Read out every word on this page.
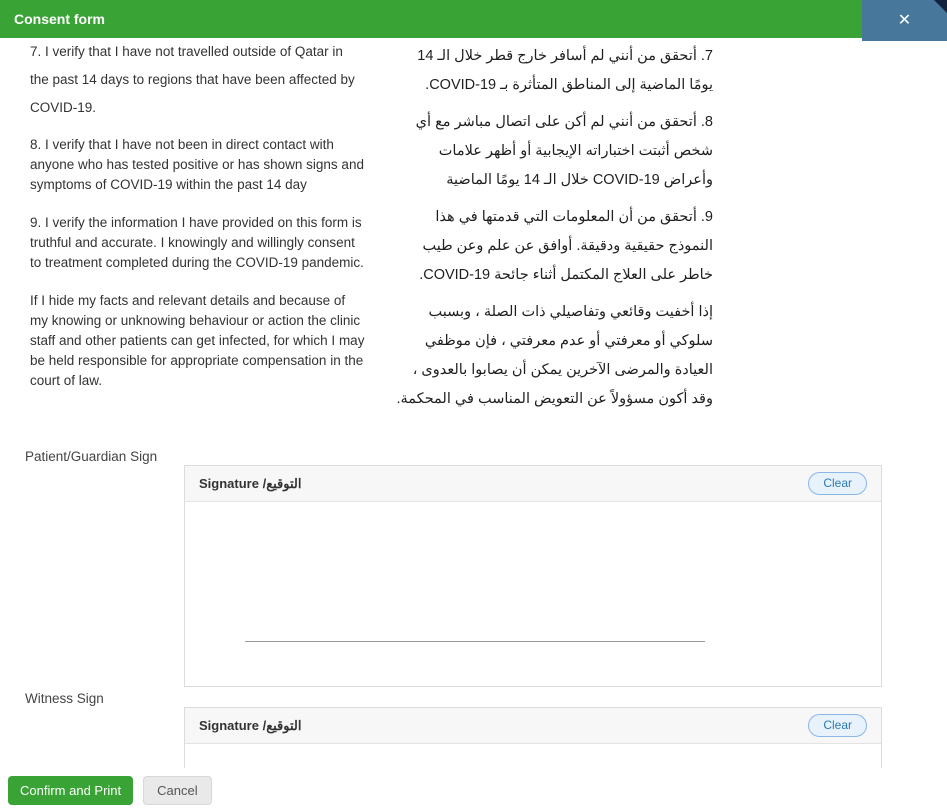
Consent form	✕

7. I verify that I have not travelled outside of Qatar in the past 14 days to regions that have been affected by COVID-19.

8. I verify that I have not been in direct contact with anyone who has tested positive or has shown signs and symptoms of COVID-19 within the past 14 day

9. I verify the information I have provided on this form is truthful and accurate. I knowingly and willingly consent to treatment completed during the COVID-19 pandemic.

If I hide my facts and relevant details and because of my knowing or unknowing behaviour or action the clinic staff and other patients can get infected, for which I may be held responsible for appropriate compensation in the court of law.

7. أتحقق من أنني لم أسافر خارج قطر خلال الـ 14 يومًا الماضية إلى المناطق المتأثرة بـ COVID-19.

8. أتحقق من أنني لم أكن على اتصال مباشر مع أي شخص أثبتت اختباراته الإيجابية أو أظهر علامات وأعراض COVID-19 خلال الـ 14 يومًا الماضية

9. أتحقق من أن المعلومات التي قدمتها في هذا النموذج حقيقية ودقيقة. أوافق عن علم وعن طيب خاطر على العلاج المكتمل أثناء جائحة COVID-19.

إذا أخفيت وقائعي وتفاصيلي ذات الصلة ، وبسبب سلوكي أو معرفتي أو عدم معرفتي ، فإن موظفي العيادة والمرضى الآخرين يمكن أن يصابوا بالعدوى ، وقد أكون مسؤولاً عن التعويض المناسب في المحكمة.

Patient/Guardian Sign
Signature /التوقيع	Clear
Witness Sign
Signature /التوقيع	Clear
Confirm and Print	Cancel
